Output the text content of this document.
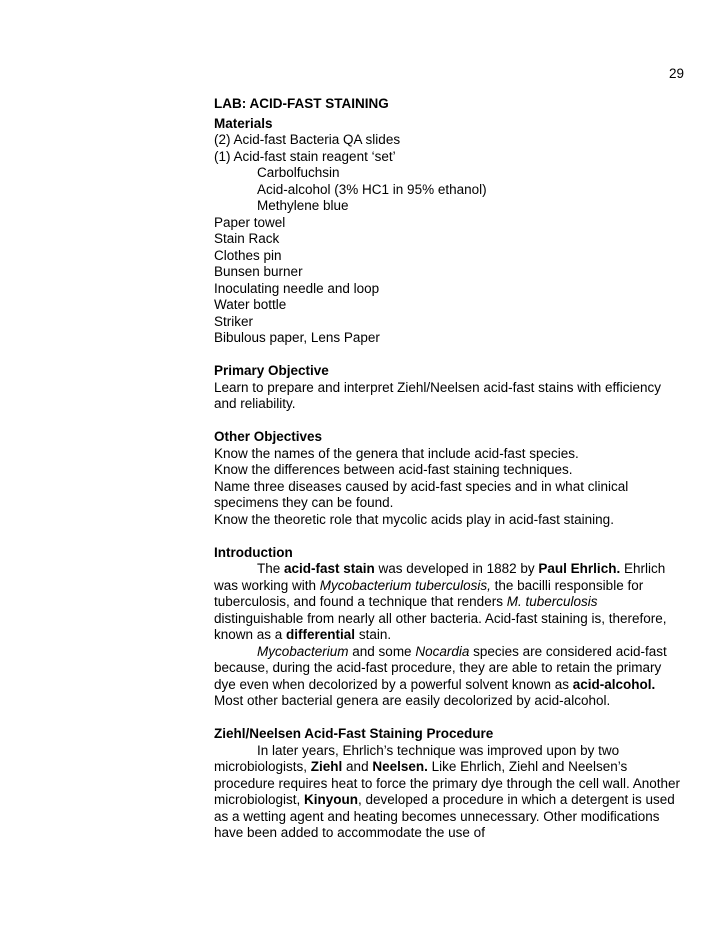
29
LAB: ACID-FAST STAINING
Materials
(2) Acid-fast Bacteria QA slides
(1) Acid-fast stain reagent ‘set’
Carbolfuchsin
Acid-alcohol (3% HC1 in 95% ethanol)
Methylene blue
Paper towel
Stain Rack
Clothes pin
Bunsen burner
Inoculating needle and loop
Water bottle
Striker
Bibulous paper, Lens Paper
Primary Objective
Learn to prepare and interpret Ziehl/Neelsen acid-fast stains with efficiency and reliability.
Other Objectives
Know the names of the genera that include acid-fast species.
Know the differences between acid-fast staining techniques.
Name three diseases caused by acid-fast species and in what clinical specimens they can be found.
Know the theoretic role that mycolic acids play in acid-fast staining.
Introduction
The acid-fast stain was developed in 1882 by Paul Ehrlich. Ehrlich was working with Mycobacterium tuberculosis, the bacilli responsible for tuberculosis, and found a technique that renders M. tuberculosis distinguishable from nearly all other bacteria. Acid-fast staining is, therefore, known as a differential stain.
Mycobacterium and some Nocardia species are considered acid-fast because, during the acid-fast procedure, they are able to retain the primary dye even when decolorized by a powerful solvent known as acid-alcohol. Most other bacterial genera are easily decolorized by acid-alcohol.
Ziehl/Neelsen Acid-Fast Staining Procedure
In later years, Ehrlich’s technique was improved upon by two microbiologists, Ziehl and Neelsen. Like Ehrlich, Ziehl and Neelsen’s procedure requires heat to force the primary dye through the cell wall. Another microbiologist, Kinyoun, developed a procedure in which a detergent is used as a wetting agent and heating becomes unnecessary. Other modifications have been added to accommodate the use of
